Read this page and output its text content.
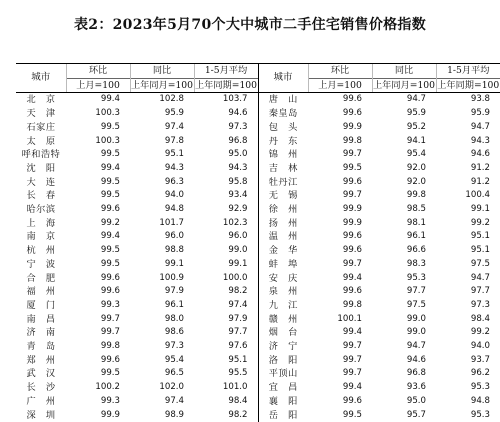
表2：2023年5月70个大中城市二手住宅销售价格指数
城市	环比	同比	1-5月平均	城市	环比	同比	1-5月平均
	上月=100	上年同月=100	上年同期=100		上月=100	上年同月=100	上年同期=100
北　京	99.4	102.8	103.7	唐　山	99.6	94.7	93.8
天　津	100.3	95.9	94.6	秦皇岛	99.6	95.9	95.9
石家庄	99.5	97.4	97.3	包　头	99.9	95.2	94.7
太　原	100.3	97.8	96.8	丹　东	99.8	94.1	94.3
呼和浩特	99.5	95.1	95.0	锦　州	99.7	95.4	94.6
沈　阳	99.4	94.3	94.3	吉　林	99.5	92.0	91.2
大　连	99.5	96.3	95.8	牡丹江	99.6	92.0	91.2
长　春	99.5	94.0	93.4	无　锡	99.7	99.8	100.4
哈尔滨	99.6	94.8	92.9	徐　州	99.9	98.5	99.1
上　海	99.2	101.7	102.3	扬　州	99.9	98.1	99.2
南　京	99.4	96.0	96.0	温　州	99.6	96.1	95.1
杭　州	99.5	98.8	99.0	金　华	99.6	96.6	95.1
宁　波	99.5	99.1	99.1	蚌　埠	99.7	98.3	97.5
合　肥	99.6	100.9	100.0	安　庆	99.4	95.3	94.7
福　州	99.6	97.9	98.2	泉　州	99.6	97.7	97.7
厦　门	99.3	96.1	97.4	九　江	99.8	97.5	97.3
南　昌	99.7	98.0	97.9	赣　州	100.1	99.0	98.4
济　南	99.7	98.6	97.7	烟　台	99.4	99.0	99.2
青　岛	99.8	97.3	97.6	济　宁	99.7	94.7	94.0
郑　州	99.6	95.4	95.1	洛　阳	99.7	94.6	93.7
武　汉	99.5	96.5	95.5	平顶山	99.7	96.8	96.2
长　沙	100.2	102.0	101.0	宜　昌	99.4	93.6	95.3
广　州	99.3	97.4	98.4	襄　阳	99.6	95.0	94.8
深　圳	99.9	98.9	98.2	岳　阳	99.5	95.7	95.3
